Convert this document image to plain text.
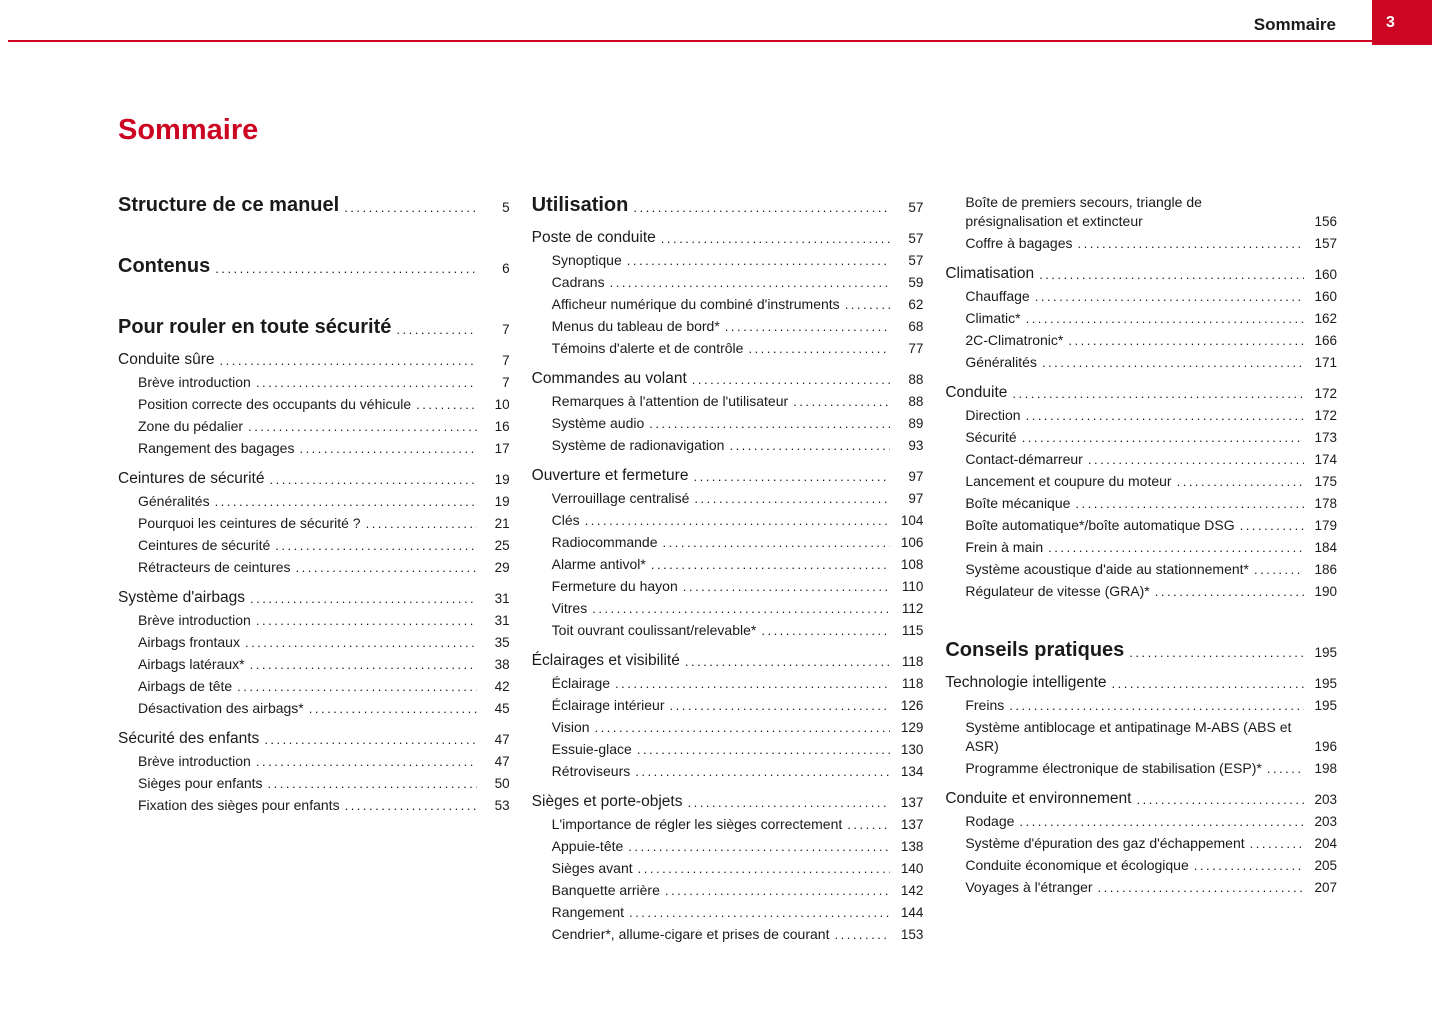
Sommaire	3
Sommaire
Structure de ce manuel .....	5
Contenus .....	6
Pour rouler en toute sécurité .....	7
Conduite sûre .....	7
Brève introduction .....	7
Position correcte des occupants du véhicule .....	10
Zone du pédalier .....	16
Rangement des bagages .....	17
Ceintures de sécurité .....	19
Généralités .....	19
Pourquoi les ceintures de sécurité ? .....	21
Ceintures de sécurité .....	25
Rétracteurs de ceintures .....	29
Système d'airbags .....	31
Brève introduction .....	31
Airbags frontaux .....	35
Airbags latéraux* .....	38
Airbags de tête .....	42
Désactivation des airbags* .....	45
Sécurité des enfants .....	47
Brève introduction .....	47
Sièges pour enfants .....	50
Fixation des sièges pour enfants .....	53
Utilisation .....	57
Poste de conduite .....	57
Synoptique .....	57
Cadrans .....	59
Afficheur numérique du combiné d'instruments .....	62
Menus du tableau de bord* .....	68
Témoins d'alerte et de contrôle .....	77
Commandes au volant .....	88
Remarques à l'attention de l'utilisateur .....	88
Système audio .....	89
Système de radionavigation .....	93
Ouverture et fermeture .....	97
Verrouillage centralisé .....	97
Clés .....	104
Radiocommande .....	106
Alarme antivol* .....	108
Fermeture du hayon .....	110
Vitres .....	112
Toit ouvrant coulissant/relevable* .....	115
Éclairages et visibilité .....	118
Éclairage .....	118
Éclairage intérieur .....	126
Vision .....	129
Essuie-glace .....	130
Rétroviseurs .....	134
Sièges et porte-objets .....	137
L'importance de régler les sièges correctement .....	137
Appuie-tête .....	138
Sièges avant .....	140
Banquette arrière .....	142
Rangement .....	144
Cendrier*, allume-cigare et prises de courant .....	153
Boîte de premiers secours, triangle de présignalisation et extincteur	156
Coffre à bagages .....	157
Climatisation .....	160
Chauffage .....	160
Climatic* .....	162
2C-Climatronic* .....	166
Généralités .....	171
Conduite .....	172
Direction .....	172
Sécurité .....	173
Contact-démarreur .....	174
Lancement et coupure du moteur .....	175
Boîte mécanique .....	178
Boîte automatique*/boîte automatique DSG .....	179
Frein à main .....	184
Système acoustique d'aide au stationnement* .....	186
Régulateur de vitesse (GRA)* .....	190
Conseils pratiques .....	195
Technologie intelligente .....	195
Freins .....	195
Système antiblocage et antipatinage M-ABS (ABS et ASR)	196
Programme électronique de stabilisation (ESP)* .....	198
Conduite et environnement .....	203
Rodage .....	203
Système d'épuration des gaz d'échappement .....	204
Conduite économique et écologique .....	205
Voyages à l'étranger .....	207
